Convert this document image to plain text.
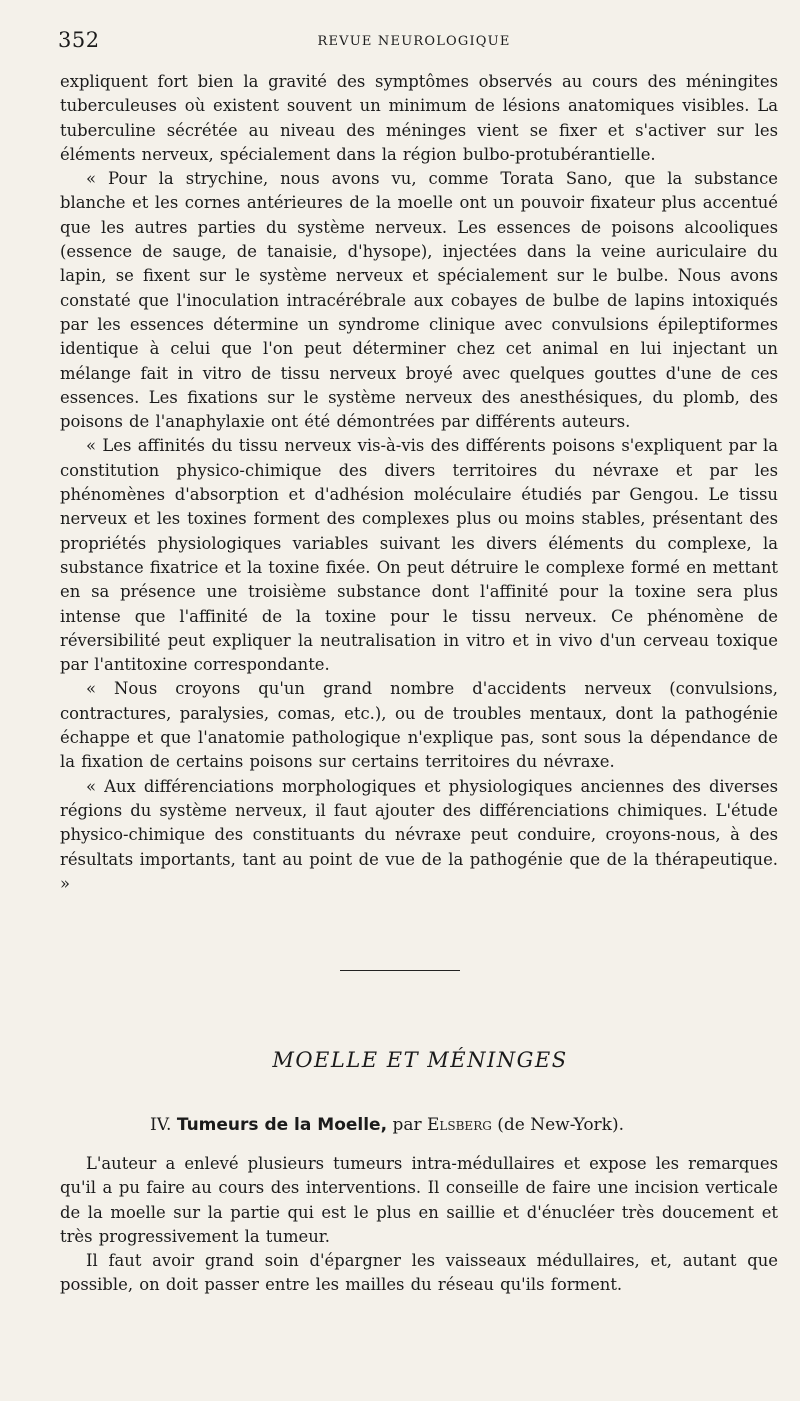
352	REVUE NEUROLOGIQUE

expliquent fort bien la gravité des symptômes observés au cours des méningites tuberculeuses où existent souvent un minimum de lésions anatomiques visibles. La tuberculine sécrétée au niveau des méninges vient se fixer et s'activer sur les éléments nerveux, spécialement dans la région bulbo-protubérantielle.

« Pour la strychine, nous avons vu, comme Torata Sano, que la substance blanche et les cornes antérieures de la moelle ont un pouvoir fixateur plus accentué que les autres parties du système nerveux. Les essences de poisons alcooliques (essence de sauge, de tanaisie, d'hysope), injectées dans la veine auriculaire du lapin, se fixent sur le système nerveux et spécialement sur le bulbe. Nous avons constaté que l'inoculation intracérébrale aux cobayes de bulbe de lapins intoxiqués par les essences détermine un syndrome clinique avec convulsions épileptiformes identique à celui que l'on peut déterminer chez cet animal en lui injectant un mélange fait in vitro de tissu nerveux broyé avec quelques gouttes d'une de ces essences. Les fixations sur le système nerveux des anesthésiques, du plomb, des poisons de l'anaphylaxie ont été démontrées par différents auteurs.

« Les affinités du tissu nerveux vis-à-vis des différents poisons s'expliquent par la constitution physico-chimique des divers territoires du névraxe et par les phénomènes d'absorption et d'adhésion moléculaire étudiés par Gengou. Le tissu nerveux et les toxines forment des complexes plus ou moins stables, présentant des propriétés physiologiques variables suivant les divers éléments du complexe, la substance fixatrice et la toxine fixée. On peut détruire le complexe formé en mettant en sa présence une troisième substance dont l'affinité pour la toxine sera plus intense que l'affinité de la toxine pour le tissu nerveux. Ce phénomène de réversibilité peut expliquer la neutralisation in vitro et in vivo d'un cerveau toxique par l'antitoxine correspondante.

« Nous croyons qu'un grand nombre d'accidents nerveux (convulsions, contractures, paralysies, comas, etc.), ou de troubles mentaux, dont la pathogénie échappe et que l'anatomie pathologique n'explique pas, sont sous la dépendance de la fixation de certains poisons sur certains territoires du névraxe.

« Aux différenciations morphologiques et physiologiques anciennes des diverses régions du système nerveux, il faut ajouter des différenciations chimiques. L'étude physico-chimique des constituants du névraxe peut conduire, croyons-nous, à des résultats importants, tant au point de vue de la pathogénie que de la thérapeutique. »

MOELLE ET MÉNINGES
IV. Tumeurs de la Moelle, par Elsberg (de New-York).

L'auteur a enlevé plusieurs tumeurs intra-médullaires et expose les remarques qu'il a pu faire au cours des interventions. Il conseille de faire une incision verticale de la moelle sur la partie qui est le plus en saillie et d'énucléer très doucement et très progressivement la tumeur.

Il faut avoir grand soin d'épargner les vaisseaux médullaires, et, autant que possible, on doit passer entre les mailles du réseau qu'ils forment.
